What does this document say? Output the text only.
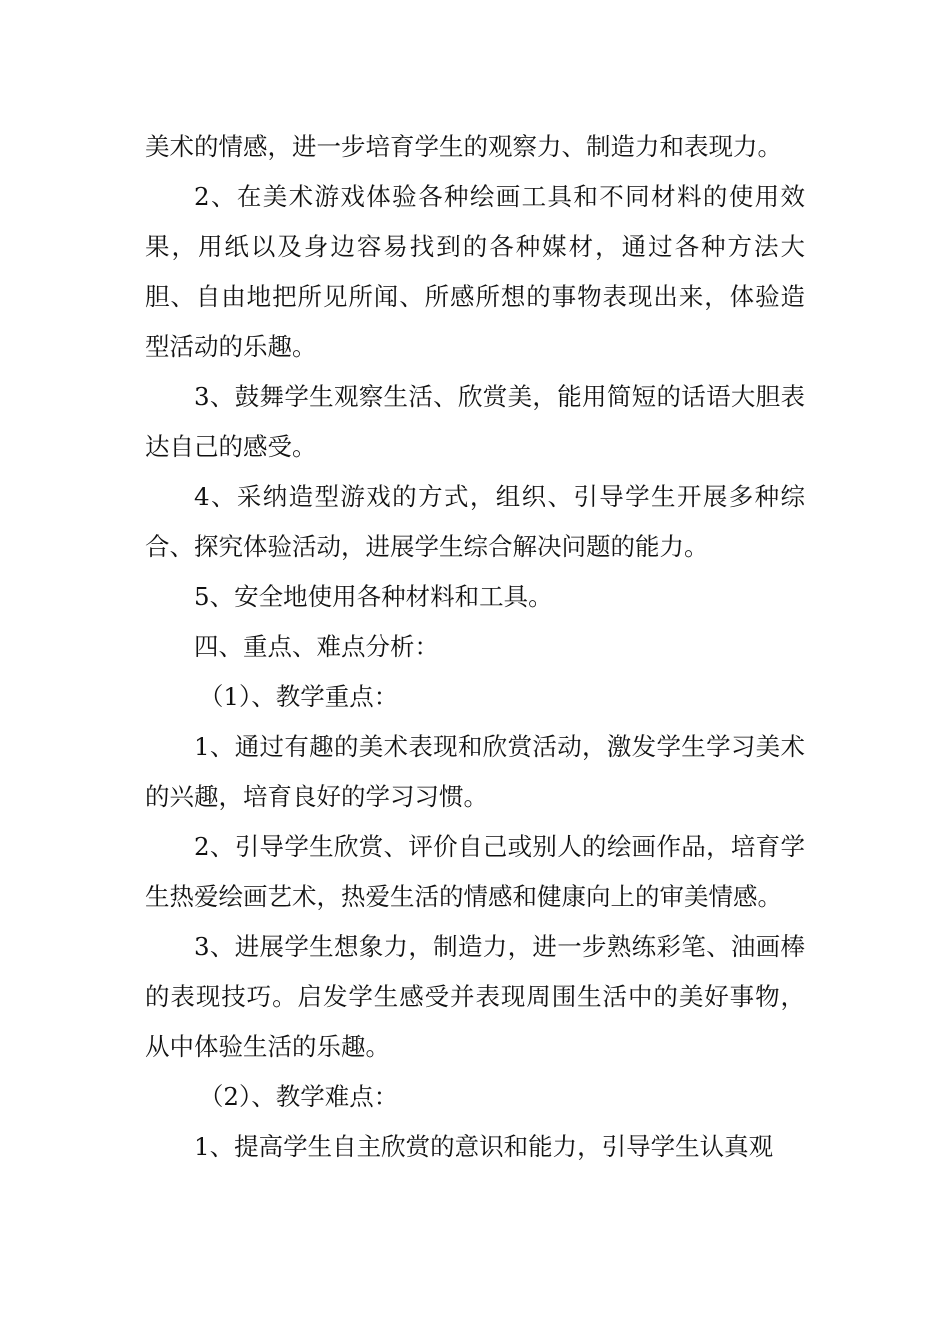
美术的情感，进一步培育学生的观察力、制造力和表现力。

2、在美术游戏体验各种绘画工具和不同材料的使用效果，用纸以及身边容易找到的各种媒材，通过各种方法大胆、自由地把所见所闻、所感所想的事物表现出来，体验造型活动的乐趣。

3、鼓舞学生观察生活、欣赏美，能用简短的话语大胆表达自己的感受。

4、采纳造型游戏的方式，组织、引导学生开展多种综合、探究体验活动，进展学生综合解决问题的能力。

5、安全地使用各种材料和工具。

四、重点、难点分析：

（1）、教学重点：

1、通过有趣的美术表现和欣赏活动，激发学生学习美术的兴趣，培育良好的学习习惯。

2、引导学生欣赏、评价自己或别人的绘画作品，培育学生热爱绘画艺术，热爱生活的情感和健康向上的审美情感。

3、进展学生想象力，制造力，进一步熟练彩笔、油画棒的表现技巧。启发学生感受并表现周围生活中的美好事物，从中体验生活的乐趣。

（2）、教学难点：

1、提高学生自主欣赏的意识和能力，引导学生认真观
